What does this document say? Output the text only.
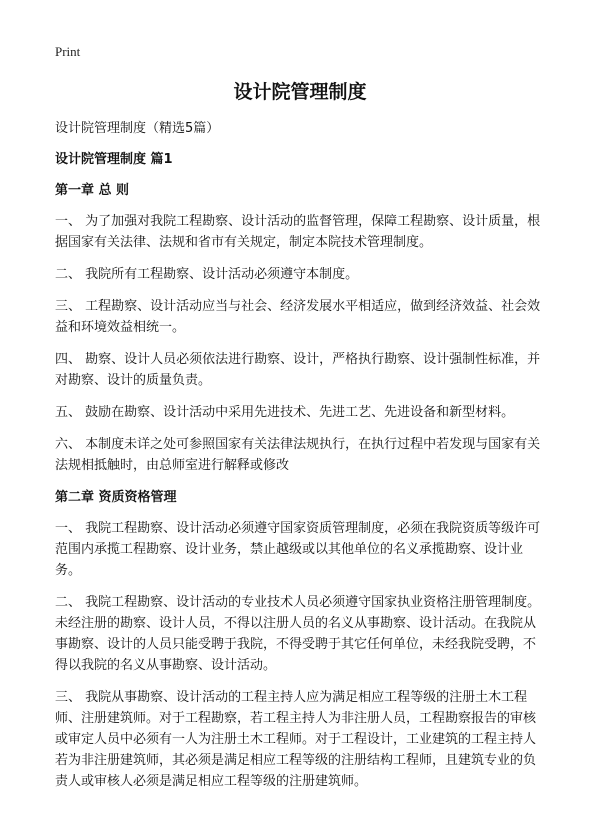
Print
设计院管理制度

设计院管理制度（精选5篇）

设计院管理制度 篇1

第一章 总 则

一、 为了加强对我院工程勘察、设计活动的监督管理，保障工程勘察、设计质量，根据国家有关法律、法规和省市有关规定，制定本院技术管理制度。

二、 我院所有工程勘察、设计活动必须遵守本制度。

三、 工程勘察、设计活动应当与社会、经济发展水平相适应，做到经济效益、社会效益和环境效益相统一。

四、 勘察、设计人员必须依法进行勘察、设计，严格执行勘察、设计强制性标准，并对勘察、设计的质量负责。

五、 鼓励在勘察、设计活动中采用先进技术、先进工艺、先进设备和新型材料。

六、 本制度未详之处可参照国家有关法律法规执行，在执行过程中若发现与国家有关法规相抵触时，由总师室进行解释或修改

第二章 资质资格管理

一、 我院工程勘察、设计活动必须遵守国家资质管理制度，必须在我院资质等级许可范围内承揽工程勘察、设计业务，禁止越级或以其他单位的名义承揽勘察、设计业务。

二、 我院工程勘察、设计活动的专业技术人员必须遵守国家执业资格注册管理制度。未经注册的勘察、设计人员，不得以注册人员的名义从事勘察、设计活动。在我院从事勘察、设计的人员只能受聘于我院，不得受聘于其它任何单位，未经我院受聘，不得以我院的名义从事勘察、设计活动。

三、 我院从事勘察、设计活动的工程主持人应为满足相应工程等级的注册土木工程师、注册建筑师。对于工程勘察，若工程主持人为非注册人员，工程勘察报告的审核或审定人员中必须有一人为注册土木工程师。对于工程设计，工业建筑的工程主持人若为非注册建筑师，其必须是满足相应工程等级的注册结构工程师，且建筑专业的负责人或审核人必须是满足相应工程等级的注册建筑师。
